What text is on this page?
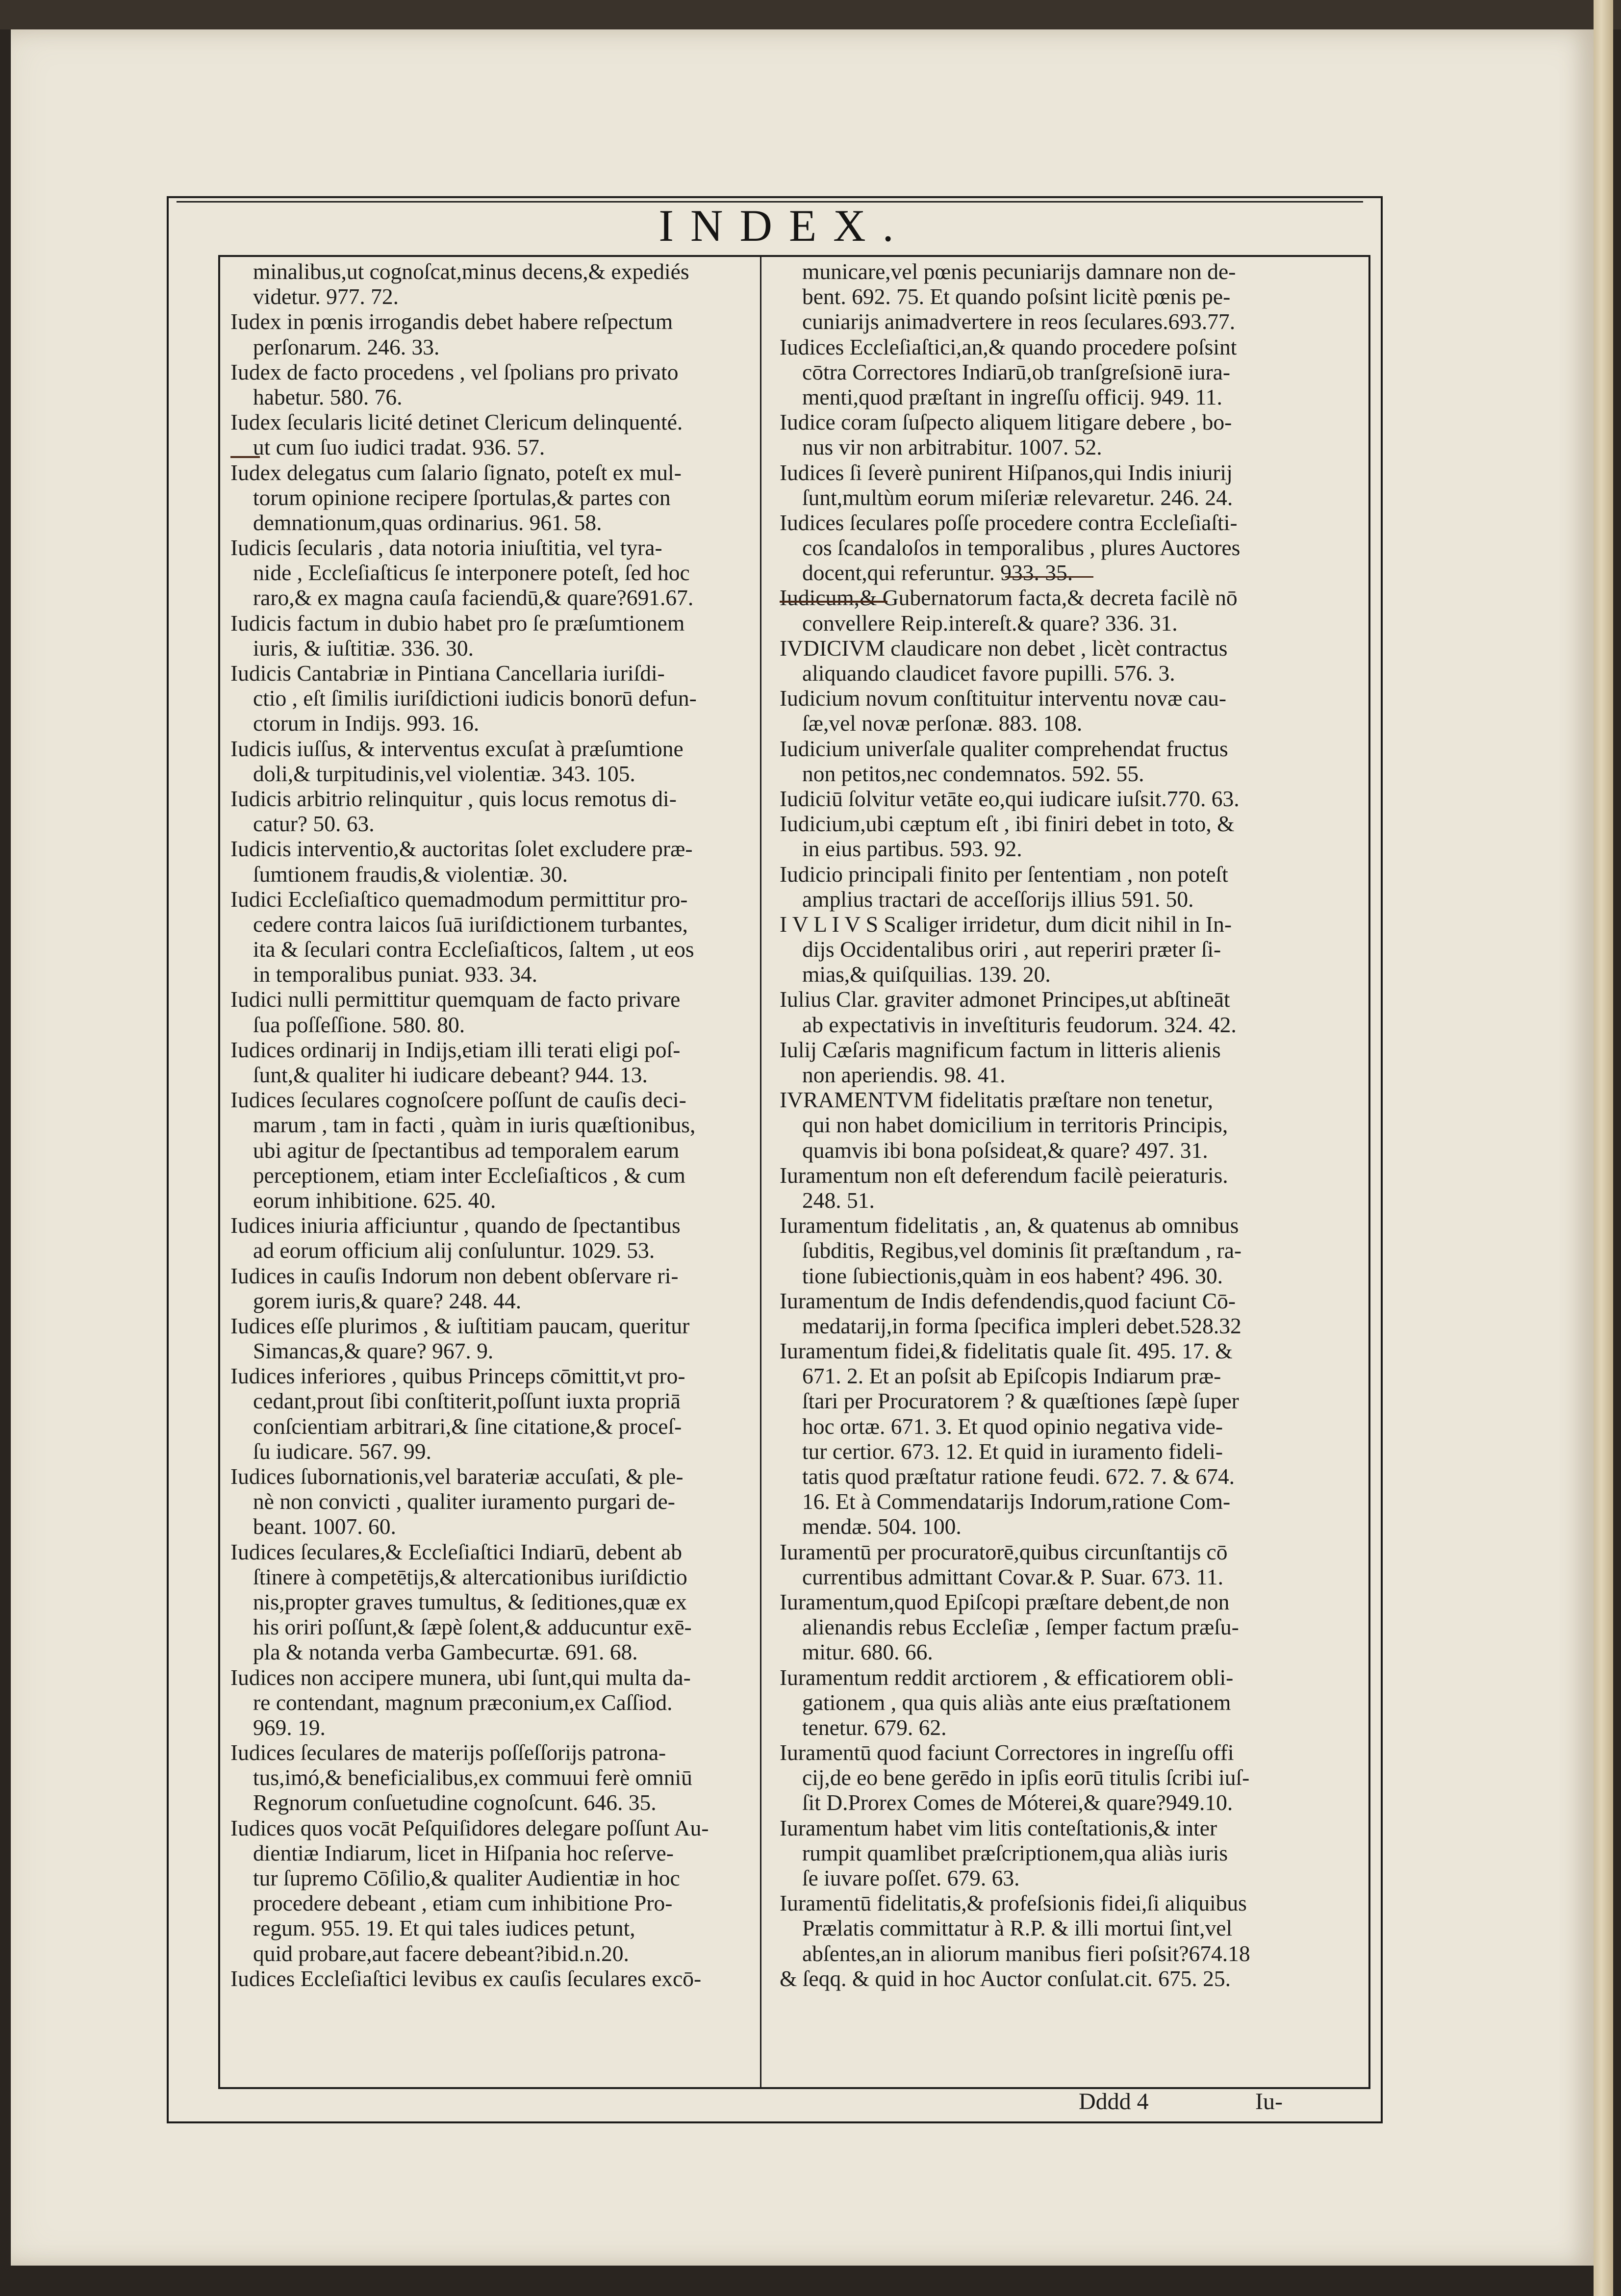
INDEX.
minalibus,ut cognoſcat,minus decens,& expediés
videtur. 977. 72.
Iudex in pœnis irrogandis debet habere reſpectum
perſonarum. 246. 33.
Iudex de facto procedens , vel ſpolians pro privato
habetur. 580. 76.
Iudex ſecularis licité detinet Clericum delinquenté.
ut cum ſuo iudici tradat. 936. 57.
Iudex delegatus cum ſalario ſignato, poteſt ex mul-
torum opinione recipere ſportulas,& partes con
demnationum,quas ordinarius. 961. 58.
Iudicis ſecularis , data notoria iniuſtitia, vel tyra-
nide , Eccleſiaſticus ſe interponere poteſt, ſed hoc
raro,& ex magna cauſa faciendū,& quare?691.67.
Iudicis factum in dubio habet pro ſe præſumtionem
iuris, & iuſtitiæ. 336. 30.
Iudicis Cantabriæ in Pintiana Cancellaria iuriſdi-
ctio , eſt ſimilis iuriſdictioni iudicis bonorū defun-
ctorum in Indijs. 993. 16.
Iudicis iuſſus, & interventus excuſat à præſumtione
doli,& turpitudinis,vel violentiæ. 343. 105.
Iudicis arbitrio relinquitur , quis locus remotus di-
catur? 50. 63.
Iudicis interventio,& auctoritas ſolet excludere præ-
ſumtionem fraudis,& violentiæ. 30.
Iudici Eccleſiaſtico quemadmodum permittitur pro-
cedere contra laicos ſuā iuriſdictionem turbantes,
ita & ſeculari contra Eccleſiaſticos, ſaltem , ut eos
in temporalibus puniat. 933. 34.
Iudici nulli permittitur quemquam de facto privare
ſua poſſeſſione. 580. 80.
Iudices ordinarij in Indijs,etiam illi terati eligi poſ-
ſunt,& qualiter hi iudicare debeant? 944. 13.
Iudices ſeculares cognoſcere poſſunt de cauſis deci-
marum , tam in facti , quàm in iuris quæſtionibus,
ubi agitur de ſpectantibus ad temporalem earum
perceptionem, etiam inter Eccleſiaſticos , & cum
eorum inhibitione. 625. 40.
Iudices iniuria afficiuntur , quando de ſpectantibus
ad eorum officium alij conſuluntur. 1029. 53.
Iudices in cauſis Indorum non debent obſervare ri-
gorem iuris,& quare? 248. 44.
Iudices eſſe plurimos , & iuſtitiam paucam, queritur
Simancas,& quare? 967. 9.
Iudices inferiores , quibus Princeps cōmittit,vt pro-
cedant,prout ſibi conſtiterit,poſſunt iuxta propriā
conſcientiam arbitrari,& ſine citatione,& proceſ-
ſu iudicare. 567. 99.
Iudices ſubornationis,vel barateriæ accuſati, & ple-
nè non convicti , qualiter iuramento purgari de-
beant. 1007. 60.
Iudices ſeculares,& Eccleſiaſtici Indiarū, debent ab
ſtinere à competētijs,& altercationibus iuriſdictio
nis,propter graves tumultus, & ſeditiones,quæ ex
his oriri poſſunt,& ſæpè ſolent,& adducuntur exē-
pla & notanda verba Gambecurtæ. 691. 68.
Iudices non accipere munera, ubi ſunt,qui multa da-
re contendant, magnum præconium,ex Caſſiod.
969. 19.
Iudices ſeculares de materijs poſſeſſorijs patrona-
tus,imó,& beneficialibus,ex commuui ferè omniū
Regnorum conſuetudine cognoſcunt. 646. 35.
Iudices quos vocāt Peſquiſidores delegare poſſunt Au-
dientiæ Indiarum, licet in Hiſpania hoc reſerve-
tur ſupremo Cōſilio,& qualiter Audientiæ in hoc
procedere debeant , etiam cum inhibitione Pro-
regum. 955. 19. Et qui tales iudices petunt,
quid probare,aut facere debeant?ibid.n.20.
Iudices Eccleſiaſtici levibus ex cauſis ſeculares excō-
municare,vel pœnis pecuniarijs damnare non de-
bent. 692. 75. Et quando poſsint licitè pœnis pe-
cuniarijs animadvertere in reos ſeculares.693.77.
Iudices Eccleſiaſtici,an,& quando procedere poſsint
cōtra Correctores Indiarū,ob tranſgreſsionē iura-
menti,quod præſtant in ingreſſu officij. 949. 11.
Iudice coram ſuſpecto aliquem litigare debere , bo-
nus vir non arbitrabitur. 1007. 52.
Iudices ſi ſeverè punirent Hiſpanos,qui Indis iniurij
ſunt,multùm eorum miſeriæ relevaretur. 246. 24.
Iudices ſeculares poſſe procedere contra Eccleſiaſti-
cos ſcandaloſos in temporalibus , plures Auctores
docent,qui referuntur. 933. 35.
Iudicum,& Gubernatorum facta,& decreta facilè nō
convellere Reip.intereſt.& quare? 336. 31.
IVDICIVM claudicare non debet , licèt contractus
aliquando claudicet favore pupilli. 576. 3.
Iudicium novum conſtituitur interventu novæ cau-
ſæ,vel novæ perſonæ. 883. 108.
Iudicium univerſale qualiter comprehendat fructus
non petitos,nec condemnatos. 592. 55.
Iudiciū ſolvitur vetāte eo,qui iudicare iuſsit.770. 63.
Iudicium,ubi cæptum eſt , ibi finiri debet in toto, &
in eius partibus. 593. 92.
Iudicio principali finito per ſententiam , non poteſt
amplius tractari de acceſſorijs illius 591. 50.
I V L I V S Scaliger irridetur, dum dicit nihil in In-
dijs Occidentalibus oriri , aut reperiri præter ſi-
mias,& quiſquilias. 139. 20.
Iulius Clar. graviter admonet Principes,ut abſtineāt
ab expectativis in inveſtituris feudorum. 324. 42.
Iulij Cæſaris magnificum factum in litteris alienis
non aperiendis. 98. 41.
IVRAMENTVM fidelitatis præſtare non tenetur,
qui non habet domicilium in territoris Principis,
quamvis ibi bona poſsideat,& quare? 497. 31.
Iuramentum non eſt deferendum facilè peieraturis.
248. 51.
Iuramentum fidelitatis , an, & quatenus ab omnibus
ſubditis, Regibus,vel dominis ſit præſtandum , ra-
tione ſubiectionis,quàm in eos habent? 496. 30.
Iuramentum de Indis defendendis,quod faciunt Cō-
medatarij,in forma ſpecifica impleri debet.528.32
Iuramentum fidei,& fidelitatis quale ſit. 495. 17. &
671. 2. Et an poſsit ab Epiſcopis Indiarum præ-
ſtari per Procuratorem ? & quæſtiones ſæpè ſuper
hoc ortæ. 671. 3. Et quod opinio negativa vide-
tur certior. 673. 12. Et quid in iuramento fideli-
tatis quod præſtatur ratione feudi. 672. 7. & 674.
16. Et à Commendatarijs Indorum,ratione Com-
mendæ. 504. 100.
Iuramentū per procuratorē,quibus circunſtantijs cō
currentibus admittant Covar.& P. Suar. 673. 11.
Iuramentum,quod Epiſcopi præſtare debent,de non
alienandis rebus Eccleſiæ , ſemper factum præſu-
mitur. 680. 66.
Iuramentum reddit arctiorem , & efficatiorem obli-
gationem , qua quis aliàs ante eius præſtationem
tenetur. 679. 62.
Iuramentū quod faciunt Correctores in ingreſſu offi
cij,de eo bene gerēdo in ipſis eorū titulis ſcribi iuſ-
ſit D.Prorex Comes de Móterei,& quare?949.10.
Iuramentum habet vim litis conteſtationis,& inter
rumpit quamlibet præſcriptionem,qua aliàs iuris
ſe iuvare poſſet. 679. 63.
Iuramentū fidelitatis,& profeſsionis fidei,ſi aliquibus
Prælatis committatur à R.P. & illi mortui ſint,vel
abſentes,an in aliorum manibus fieri poſsit?674.18
& ſeqq. & quid in hoc Auctor conſulat.cit. 675. 25.
Dddd 4	Iu-
